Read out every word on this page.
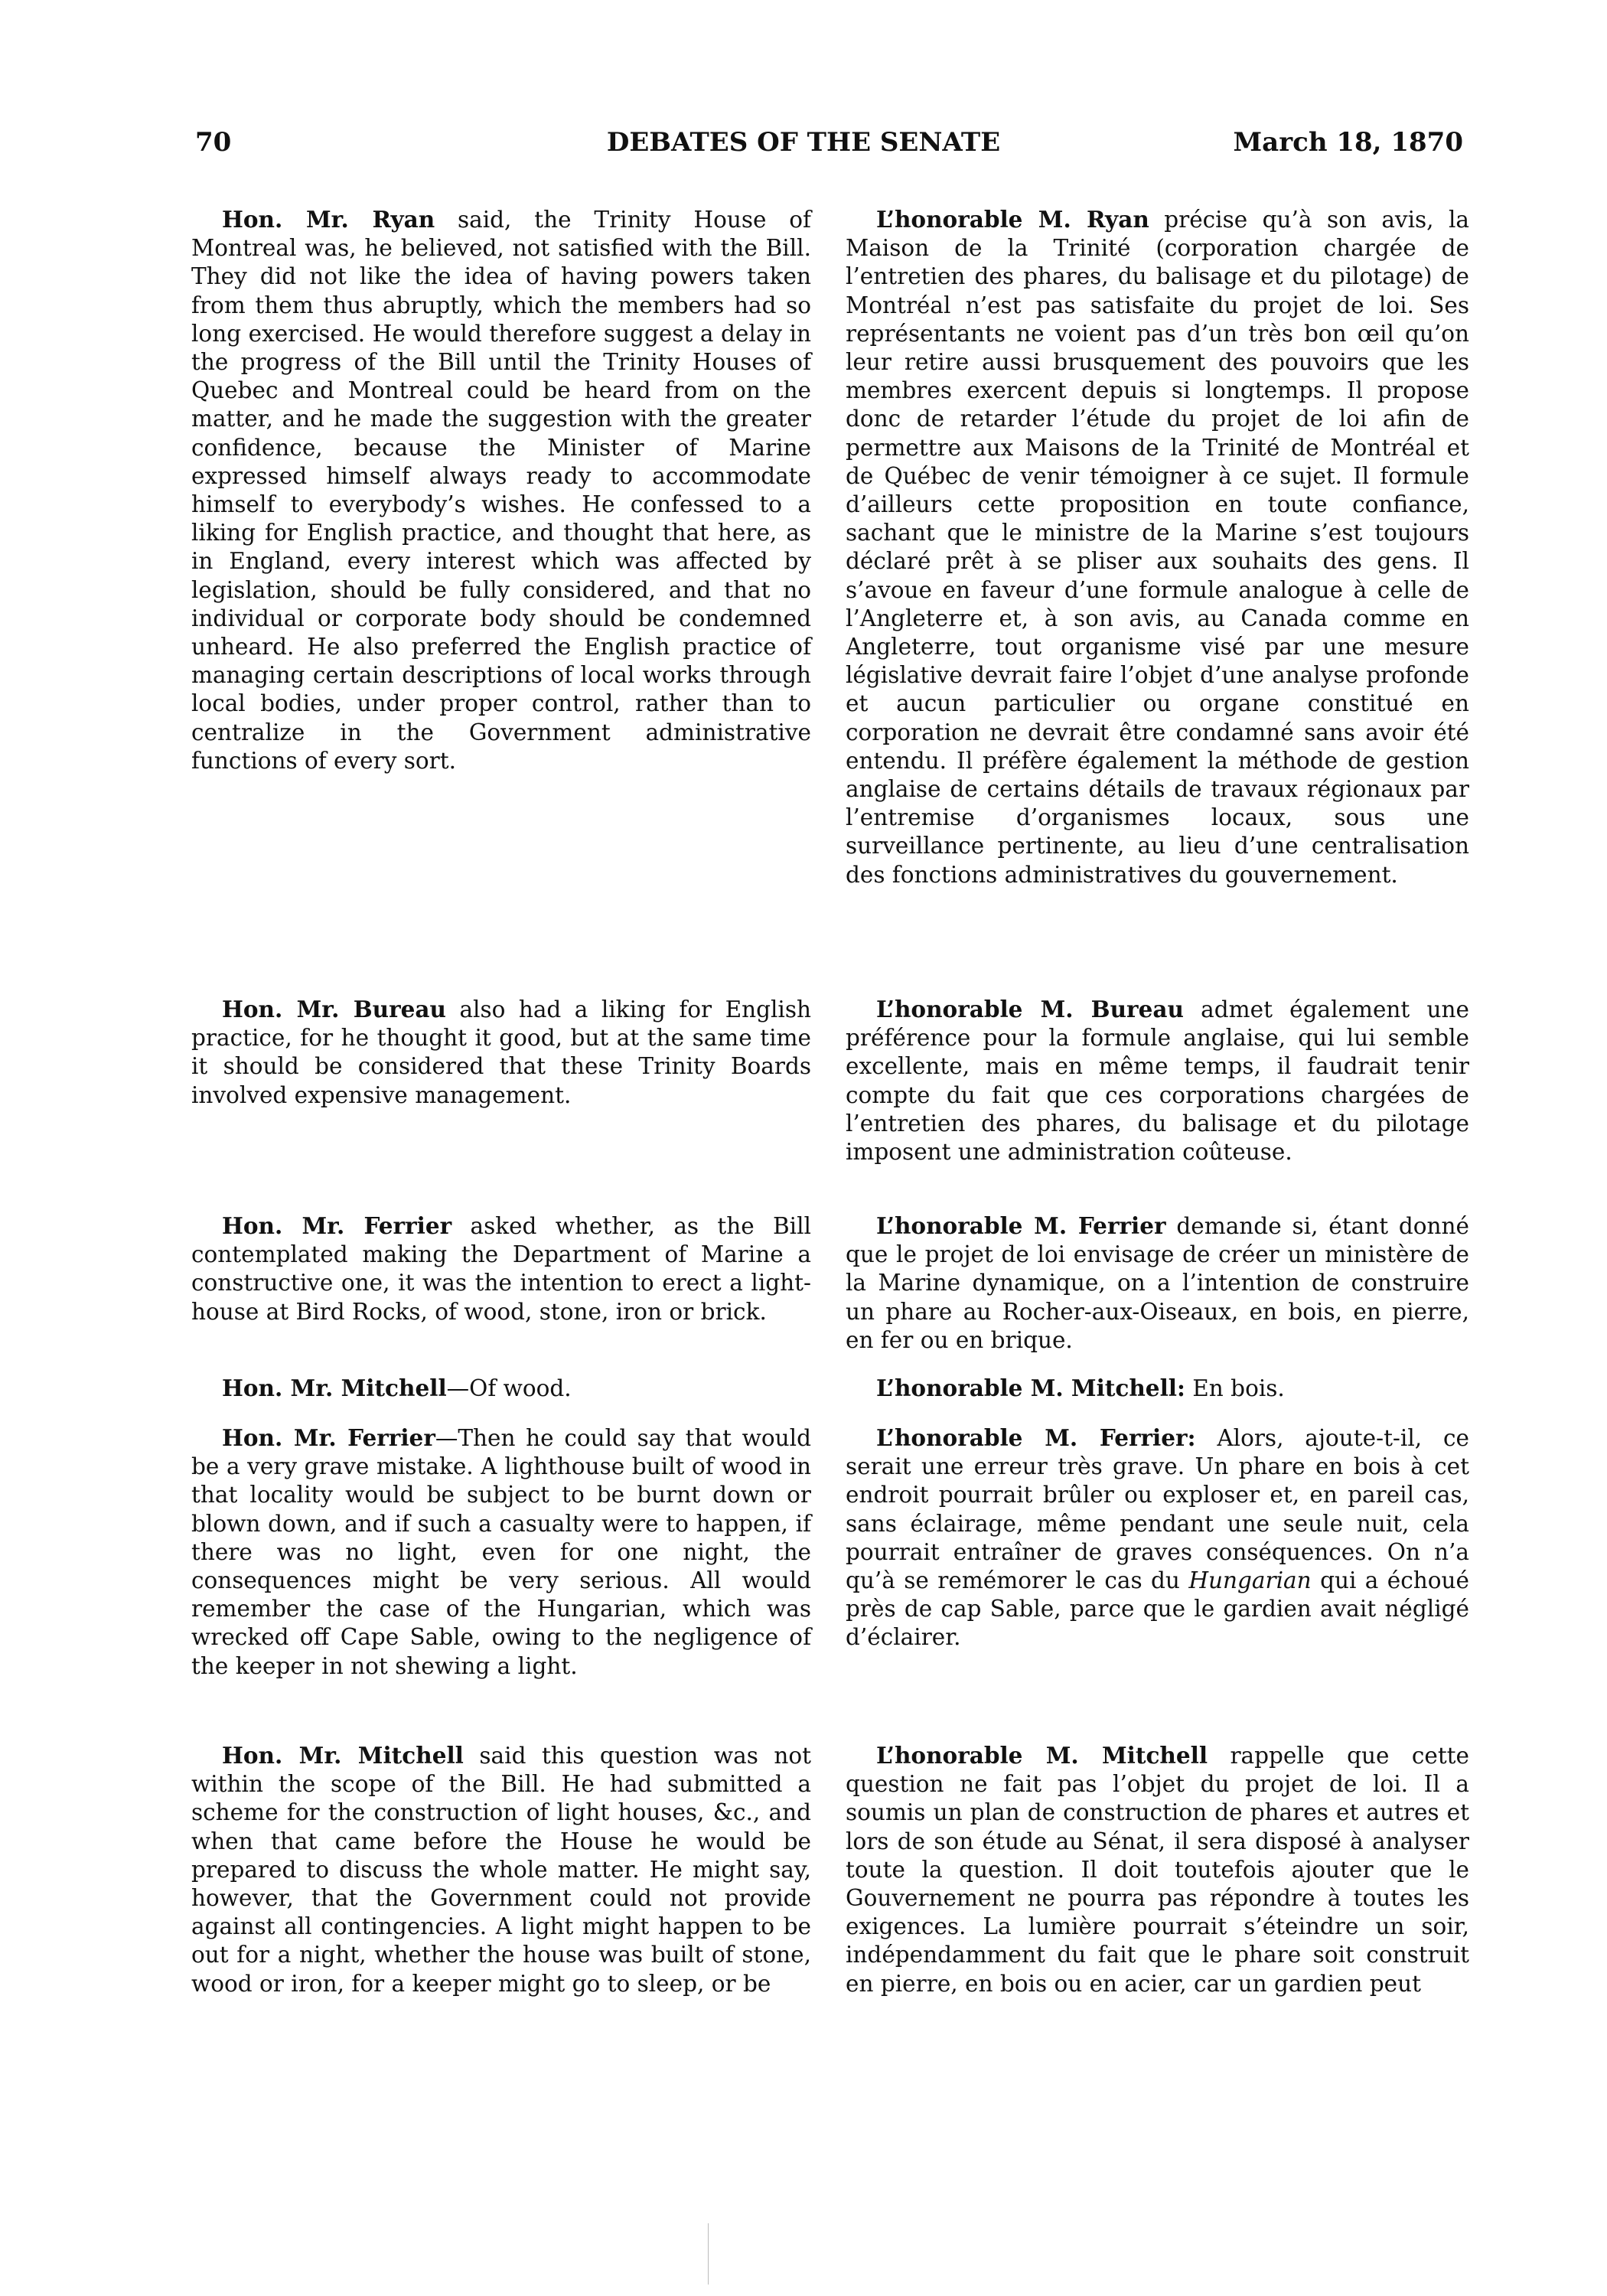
70	DEBATES OF THE SENATE	March 18, 1870

Hon. Mr. Ryan said, the Trinity House of Montreal was, he believed, not satisfied with the Bill. They did not like the idea of having powers taken from them thus abruptly, which the members had so long exercised. He would therefore suggest a delay in the progress of the Bill until the Trinity Houses of Quebec and Montreal could be heard from on the matter, and he made the suggestion with the greater confidence, because the Minister of Marine expressed himself always ready to accommodate himself to everybody’s wishes. He confessed to a liking for English practice, and thought that here, as in England, every interest which was affected by legislation, should be fully considered, and that no individual or corporate body should be condemned unheard. He also preferred the English practice of managing certain descriptions of local works through local bodies, under proper control, rather than to centralize in the Government administrative functions of every sort.

L’honorable M. Ryan précise qu’à son avis, la Maison de la Trinité (corporation chargée de l’entretien des phares, du balisage et du pilotage) de Montréal n’est pas satisfaite du projet de loi. Ses représentants ne voient pas d’un très bon œil qu’on leur retire aussi brusquement des pouvoirs que les membres exercent depuis si longtemps. Il propose donc de retarder l’étude du projet de loi afin de permettre aux Maisons de la Trinité de Montréal et de Québec de venir témoigner à ce sujet. Il formule d’ailleurs cette proposition en toute confiance, sachant que le ministre de la Marine s’est toujours déclaré prêt à se pliser aux souhaits des gens. Il s’avoue en faveur d’une formule analogue à celle de l’Angleterre et, à son avis, au Canada comme en Angleterre, tout organisme visé par une mesure législative devrait faire l’objet d’une analyse profonde et aucun particulier ou organe constitué en corporation ne devrait être condamné sans avoir été entendu. Il préfère également la méthode de gestion anglaise de certains détails de travaux régionaux par l’entremise d’organismes locaux, sous une surveillance pertinente, au lieu d’une centralisation des fonctions administratives du gouvernement.

Hon. Mr. Bureau also had a liking for English practice, for he thought it good, but at the same time it should be considered that these Trinity Boards involved expensive management.

L’honorable M. Bureau admet également une préférence pour la formule anglaise, qui lui semble excellente, mais en même temps, il faudrait tenir compte du fait que ces corporations chargées de l’entretien des phares, du balisage et du pilotage imposent une administration coûteuse.

Hon. Mr. Ferrier asked whether, as the Bill contemplated making the Department of Marine a constructive one, it was the intention to erect a light-house at Bird Rocks, of wood, stone, iron or brick.

L’honorable M. Ferrier demande si, étant donné que le projet de loi envisage de créer un ministère de la Marine dynamique, on a l’intention de construire un phare au Rocher-aux-Oiseaux, en bois, en pierre, en fer ou en brique.

Hon. Mr. Mitchell—Of wood.	L’honorable M. Mitchell: En bois.

Hon. Mr. Ferrier—Then he could say that would be a very grave mistake. A lighthouse built of wood in that locality would be subject to be burnt down or blown down, and if such a casualty were to happen, if there was no light, even for one night, the consequences might be very serious. All would remember the case of the Hungarian, which was wrecked off Cape Sable, owing to the negligence of the keeper in not shewing a light.

L’honorable M. Ferrier: Alors, ajoute-t-il, ce serait une erreur très grave. Un phare en bois à cet endroit pourrait brûler ou exploser et, en pareil cas, sans éclairage, même pendant une seule nuit, cela pourrait entraîner de graves conséquences. On n’a qu’à se remémorer le cas du Hungarian qui a échoué près de cap Sable, parce que le gardien avait négligé d’éclairer.

Hon. Mr. Mitchell said this question was not within the scope of the Bill. He had submitted a scheme for the construction of light houses, &c., and when that came before the House he would be prepared to discuss the whole matter. He might say, however, that the Government could not provide against all contingencies. A light might happen to be out for a night, whether the house was built of stone, wood or iron, for a keeper might go to sleep, or be

L’honorable M. Mitchell rappelle que cette question ne fait pas l’objet du projet de loi. Il a soumis un plan de construction de phares et autres et lors de son étude au Sénat, il sera disposé à analyser toute la question. Il doit toutefois ajouter que le Gouvernement ne pourra pas répondre à toutes les exigences. La lumière pourrait s’éteindre un soir, indépendamment du fait que le phare soit construit en pierre, en bois ou en acier, car un gardien peut
